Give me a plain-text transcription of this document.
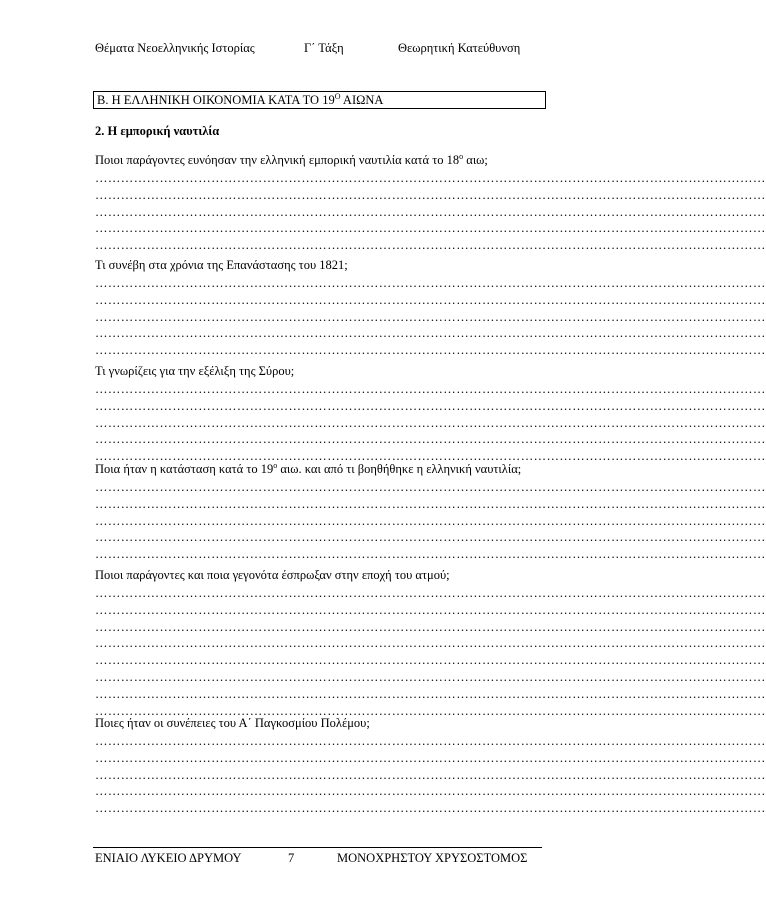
Θέματα Νεοελληνικής Ιστορίας	Γ΄ Τάξη	Θεωρητική Κατεύθυνση
Β. Η ΕΛΛΗΝΙΚΗ ΟΙΚΟΝΟΜΙΑ ΚΑΤΑ ΤΟ $19^O$ ΑΙΩΝΑ
2. Η εμπορική ναυτιλία
Ποιοι παράγοντες ευνόησαν την ελληνική εμπορική ναυτιλία κατά το $18^o$ αιω;
…………………………………………………………………………………………………………………………………………
…………………………………………………………………………………………………………………………………………
…………………………………………………………………………………………………………………………………………
…………………………………………………………………………………………………………………………………………
…………………………………………………………………………………………………………………………………………
Τι συνέβη στα χρόνια της Επανάστασης του 1821;
…………………………………………………………………………………………………………………………………………
…………………………………………………………………………………………………………………………………………
…………………………………………………………………………………………………………………………………………
…………………………………………………………………………………………………………………………………………
…………………………………………………………………………………………………………………………………………
Τι γνωρίζεις για την εξέλιξη της Σύρου;
…………………………………………………………………………………………………………………………………………
…………………………………………………………………………………………………………………………………………
…………………………………………………………………………………………………………………………………………
…………………………………………………………………………………………………………………………………………
…………………………………………………………………………………………………………………………………………
Ποια ήταν η κατάσταση κατά το $19^o$ αιω. και από τι βοηθήθηκε η ελληνική ναυτιλία;
…………………………………………………………………………………………………………………………………………
…………………………………………………………………………………………………………………………………………
…………………………………………………………………………………………………………………………………………
…………………………………………………………………………………………………………………………………………
…………………………………………………………………………………………………………………………………………
Ποιοι παράγοντες και ποια γεγονότα έσπρωξαν στην εποχή του ατμού;
…………………………………………………………………………………………………………………………………………
…………………………………………………………………………………………………………………………………………
…………………………………………………………………………………………………………………………………………
…………………………………………………………………………………………………………………………………………
…………………………………………………………………………………………………………………………………………
…………………………………………………………………………………………………………………………………………
…………………………………………………………………………………………………………………………………………
…………………………………………………………………………………………………………………………………………
Ποιες ήταν οι συνέπειες του Α΄ Παγκοσμίου Πολέμου;
…………………………………………………………………………………………………………………………………………
…………………………………………………………………………………………………………………………………………
…………………………………………………………………………………………………………………………………………
…………………………………………………………………………………………………………………………………………
…………………………………………………………………………………………………………………………………………
ΕΝΙΑΙΟ ΛΥΚΕΙΟ ΔΡΥΜΟΥ	7	ΜΟΝΟΧΡΗΣΤΟΥ ΧΡΥΣΟΣΤΟΜΟΣ
